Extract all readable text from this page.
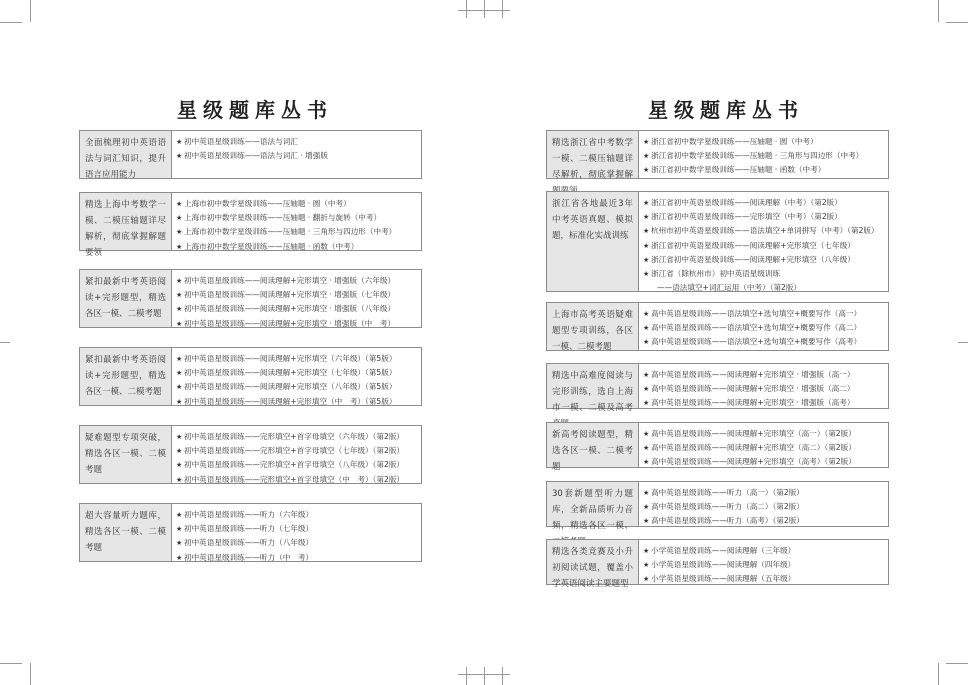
星级题库丛书
全面梳理初中英语语法与词汇知识，提升语言应用能力
★ 初中英语星级训练——语法与词汇
★ 初中英语星级训练——语法与词汇 · 增强版
精选上海中考数学一模、二模压轴题详尽解析，彻底掌握解题要领
★ 上海市初中数学星级训练——压轴题 · 圆（中考）
★ 上海市初中数学星级训练——压轴题 · 翻折与旋转（中考）
★ 上海市初中数学星级训练——压轴题 · 三角形与四边形（中考）
★ 上海市初中数学星级训练——压轴题 · 函数（中考）
紧扣最新中考英语阅读+完形题型，精选各区一模、二模考题
★ 初中英语星级训练——阅读理解+完形填空 · 增强版（六年级）
★ 初中英语星级训练——阅读理解+完形填空 · 增强版（七年级）
★ 初中英语星级训练——阅读理解+完形填空 · 增强版（八年级）
★ 初中英语星级训练——阅读理解+完形填空 · 增强版（中　考）
紧扣最新中考英语阅读+完形题型，精选各区一模、二模考题
★ 初中英语星级训练——阅读理解+完形填空（六年级）（第5版）
★ 初中英语星级训练——阅读理解+完形填空（七年级）（第5版）
★ 初中英语星级训练——阅读理解+完形填空（八年级）（第5版）
★ 初中英语星级训练——阅读理解+完形填空（中　考）（第5版）
疑难题型专项突破，精选各区一模、二模考题
★ 初中英语星级训练——完形填空+首字母填空（六年级）（第2版）
★ 初中英语星级训练——完形填空+首字母填空（七年级）（第2版）
★ 初中英语星级训练——完形填空+首字母填空（八年级）（第2版）
★ 初中英语星级训练——完形填空+首字母填空（中　考）（第2版）
超大容量听力题库，精选各区一模、二模考题
★ 初中英语星级训练——听力（六年级）
★ 初中英语星级训练——听力（七年级）
★ 初中英语星级训练——听力（八年级）
★ 初中英语星级训练——听力（中　考）
星级题库丛书
精选浙江省中考数学一模、二模压轴题详尽解析，彻底掌握解
★ 浙江省初中数学星级训练——压轴题 · 圆（中考）
★ 浙江省初中数学星级训练——压轴题 · 三角形与四边形（中考）
★ 浙江省初中数学星级训练——压轴题 · 函数（中考）
浙江省各地最近3年中考英语真题、模拟题，标准化实战训练
★ 浙江省初中英语星级训练——阅读理解（中考）（第2版）
★ 浙江省初中英语星级训练——完形填空（中考）（第2版）
★ 杭州市初中英语星级训练——语法填空+单词拼写（中考）（第2版）
★ 浙江省初中英语星级训练——阅读理解+完形填空（七年级）
★ 浙江省初中英语星级训练——阅读理解+完形填空（八年级）
★ 浙江省（除杭州市）初中英语星级训练
——语法填空+词汇运用（中考）（第2版）
上海市高考英语疑难题型专项训练，各区一模、二模考题
★ 高中英语星级训练——语法填空+选句填空+概要写作（高一）
★ 高中英语星级训练——语法填空+选句填空+概要写作（高二）
★ 高中英语星级训练——语法填空+选句填空+概要写作（高考）
精选中高难度阅读与完形训练，选自上海市一模、二模及高考
★ 高中英语星级训练——阅读理解+完形填空 · 增强版（高一）
★ 高中英语星级训练——阅读理解+完形填空 · 增强版（高二）
★ 高中英语星级训练——阅读理解+完形填空 · 增强版（高考）
新高考阅读题型，精选各区一模、二模考题
★ 高中英语星级训练——阅读理解+完形填空（高一）（第2版）
★ 高中英语星级训练——阅读理解+完形填空（高二）（第2版）
★ 高中英语星级训练——阅读理解+完形填空（高考）（第2版）
30套新题型听力题库，全新品质听力音频，精选各区一模、
★ 高中英语星级训练——听力（高一）（第2版）
★ 高中英语星级训练——听力（高二）（第2版）
★ 高中英语星级训练——听力（高考）（第2版）
精选各类竞赛及小升初阅读试题，覆盖小学英语阅读主要题型
★ 小学英语星级训练——阅读理解（三年级）
★ 小学英语星级训练——阅读理解（四年级）
★ 小学英语星级训练——阅读理解（五年级）
